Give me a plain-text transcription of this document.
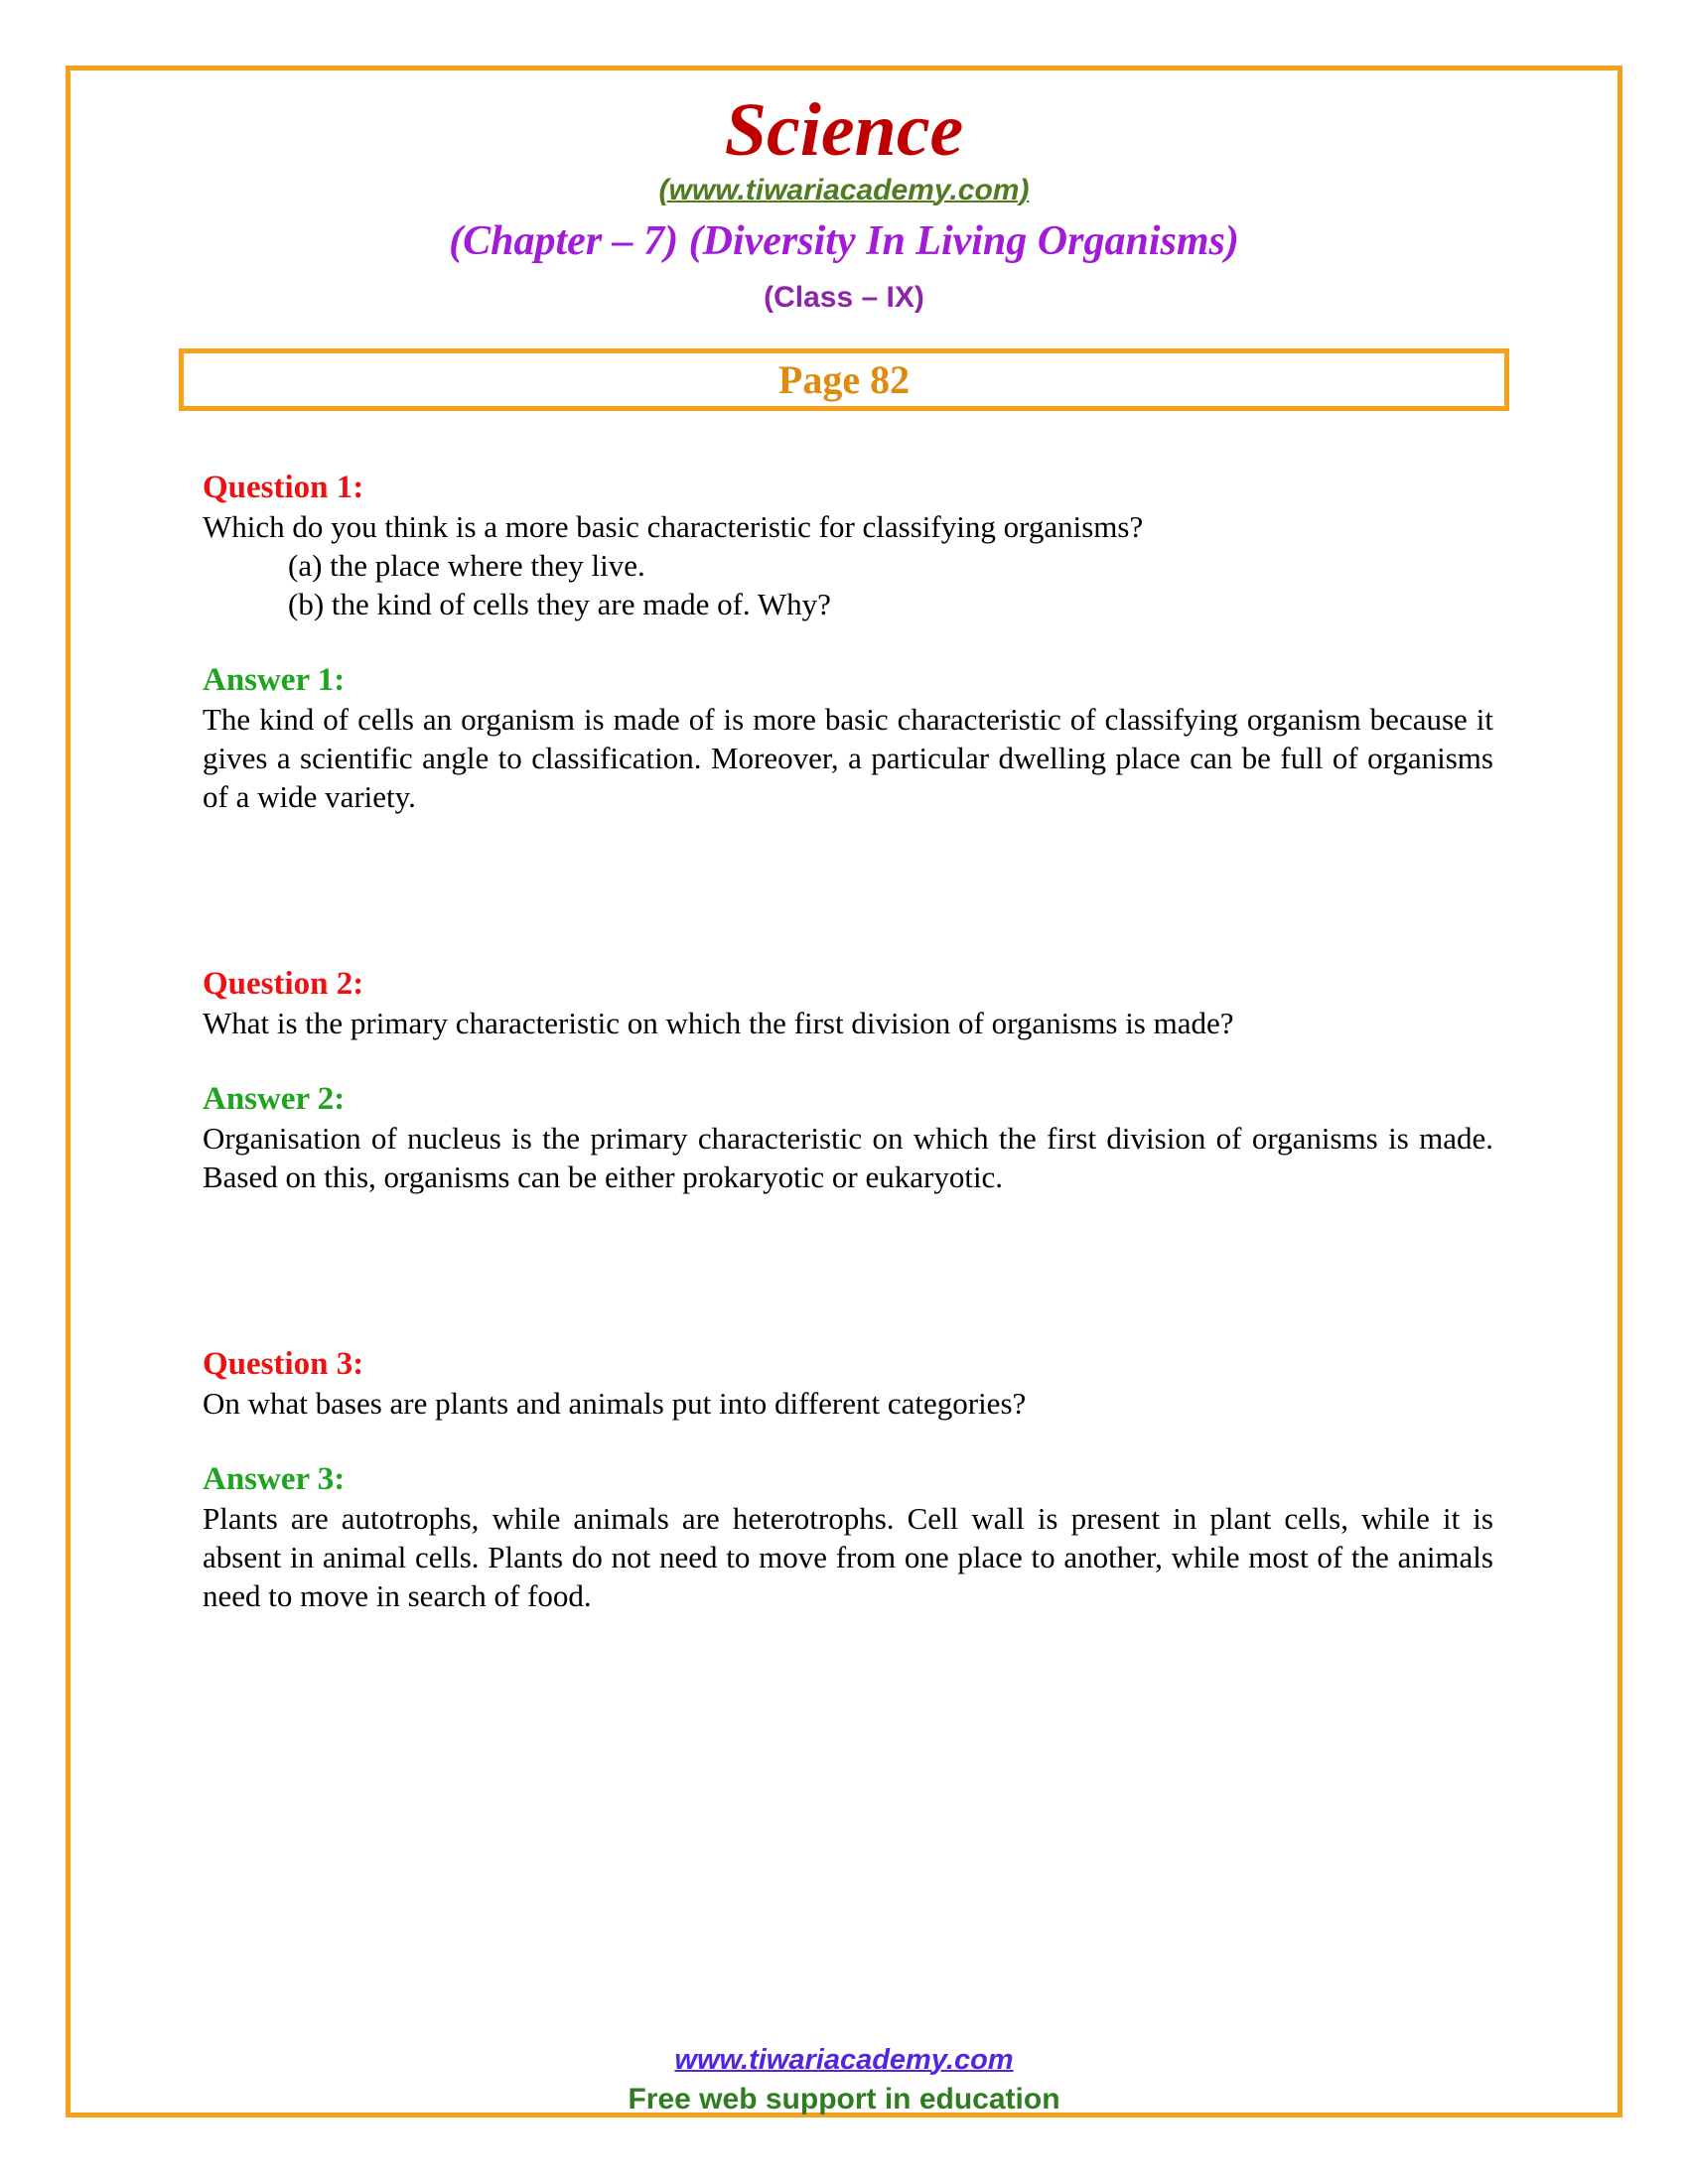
Science
(www.tiwariacademy.com)
(Chapter – 7) (Diversity In Living Organisms)
(Class – IX)
Page 82
Question 1:
Which do you think is a more basic characteristic for classifying organisms?
(a) the place where they live.
(b) the kind of cells they are made of. Why?
Answer 1:
The kind of cells an organism is made of is more basic characteristic of classifying organism because it gives a scientific angle to classification. Moreover, a particular dwelling place can be full of organisms of a wide variety.
Question 2:
What is the primary characteristic on which the first division of organisms is made?
Answer 2:
Organisation of nucleus is the primary characteristic on which the first division of organisms is made. Based on this, organisms can be either prokaryotic or eukaryotic.
Question 3:
On what bases are plants and animals put into different categories?
Answer 3:
Plants are autotrophs, while animals are heterotrophs. Cell wall is present in plant cells, while it is absent in animal cells. Plants do not need to move from one place to another, while most of the animals need to move in search of food.
www.tiwariacademy.com
Free web support in education
